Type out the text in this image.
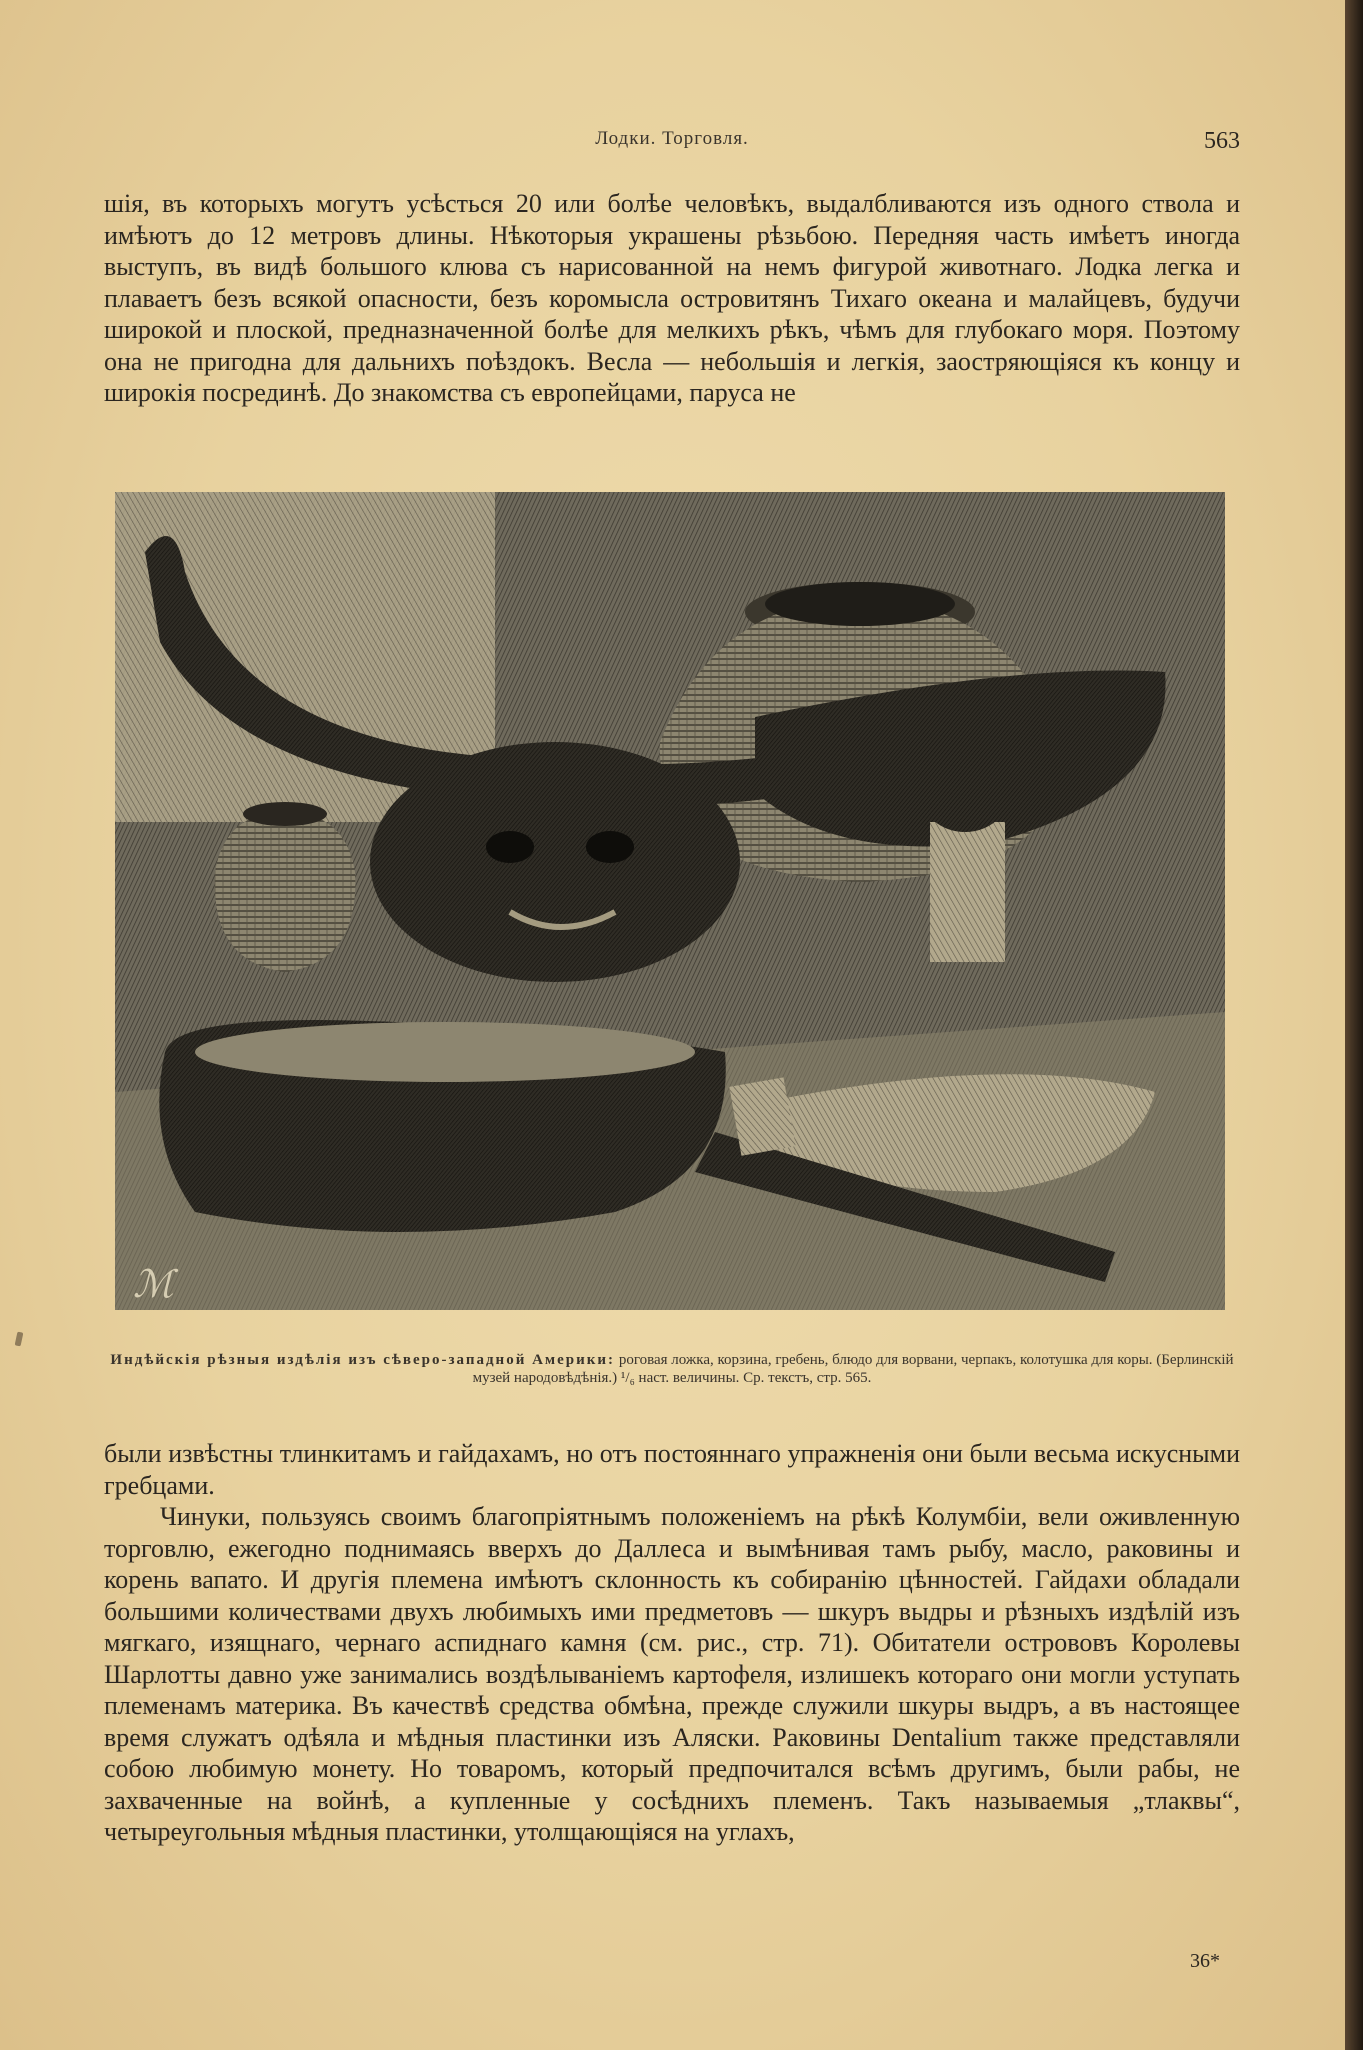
Лодки. Торговля.	563

шія, въ которыхъ могутъ усѣсться 20 или болѣе человѣкъ, выдалбливаются изъ одного ствола и имѣютъ до 12 метровъ длины. Нѣкоторыя украшены рѣзьбою. Передняя часть имѣетъ иногда выступъ, въ видѣ большого клюва съ нарисованной на немъ фигурой животнаго. Лодка легка и плаваетъ безъ всякой опасности, безъ коромысла островитянъ Тихаго океана и малайцевъ, будучи широкой и плоской, предназначенной болѣе для мелкихъ рѣкъ, чѣмъ для глубокаго моря. Поэтому она не пригодна для дальнихъ поѣздокъ. Весла — небольшія и легкія, заостряющіяся къ концу и широкія посрединѣ. До знакомства съ европейцами, паруса не

ℳ
Индѣйскія рѣзныя издѣлія изъ сѣверо-западной Америки: роговая ложка, корзина, гребень, блюдо для ворвани, черпакъ, колотушка для коры. (Берлинскій музей народовѣдѣнія.) ¹/₆ наст. величины. Ср. текстъ, стр. 565.

были извѣстны тлинкитамъ и гайдахамъ, но отъ постояннаго упражненія они были весьма искусными гребцами.

Чинуки, пользуясь своимъ благопріятнымъ положеніемъ на рѣкѣ Колумбіи, вели оживленную торговлю, ежегодно поднимаясь вверхъ до Даллеса и вымѣнивая тамъ рыбу, масло, раковины и корень вапато. И другія племена имѣютъ склонность къ собиранію цѣнностей. Гайдахи обладали большими количествами двухъ любимыхъ ими предметовъ — шкуръ выдры и рѣзныхъ издѣлій изъ мягкаго, изящнаго, чернаго аспиднаго камня (см. рис., стр. 71). Обитатели острововъ Королевы Шарлотты давно уже занимались воздѣлываніемъ картофеля, излишекъ котораго они могли уступать племенамъ материка. Въ качествѣ средства обмѣна, прежде служили шкуры выдръ, а въ настоящее время служатъ одѣяла и мѣдныя пластинки изъ Аляски. Раковины Dentalium также представляли собою любимую монету. Но товаромъ, который предпочитался всѣмъ другимъ, были рабы, не захваченные на войнѣ, а купленные у сосѣднихъ племенъ. Такъ называемыя „тлаквы“, четыреугольныя мѣдныя пластинки, утолщающіяся на углахъ,

36*
